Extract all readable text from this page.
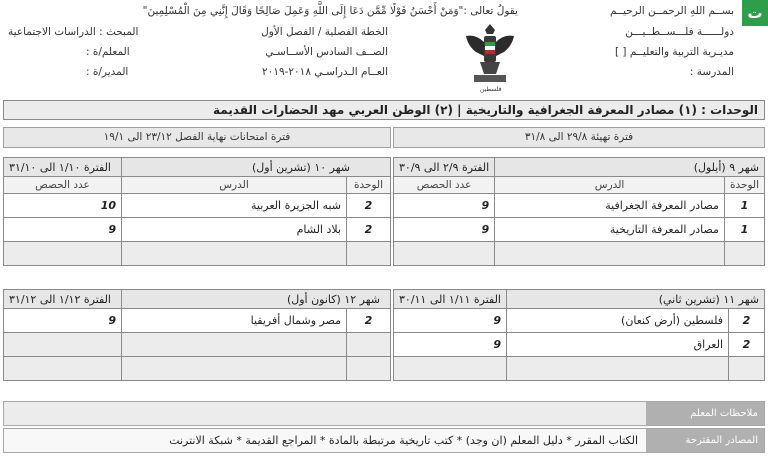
ت
بســم اللهِ الرحمــن الرحيــم
يقولُ تعالى :"وَمَنْ أَحْسَنُ قَوْلًا مِّمَّن دَعَا إِلَى اللَّهِ وَعَمِلَ صَالِحًا وَقَالَ إِنَّنِي مِنَ الْمُسْلِمِينَ"
دولــــــة فلـــســطــيـــن
مديـرية التربية والتعليــم [ ]
المدرسة :
الخطة الفصلية / الفصل الأول
الصــف السادس الأســاسـي
العــام الـدراسـي ٢٠١٨-٢٠١٩
المبحث : الدراسات الاجتماعية
المعلم/ة :
المدير/ة :
فلسطين
الوحدات : (١) مصادر المعرفة الجغرافية والتاريخية | (٢) الوطن العربي مهد الحضارات القديمة
فترة تهيئة ٢٩/٨ الى ٣١/٨
فترة امتحانات نهاية الفصل ٢٣/١٢ الى ١٩/١
شهر ٩ (أيلول)		الفترة ٢/٩ الى ٣٠/٩
الوحدة	الدرس	عدد الحصص
1	مصادر المعرفة الجغرافية	9
1	مصادر المعرفة التاريخية	9

شهر ١٠ (تشرين أول)		الفترة ١/١٠ الى ٣١/١٠
الوحدة	الدرس	عدد الحصص
2	شبه الجزيرة العربية	10
2	بلاد الشام	9

شهر ١١ (تشرين ثاني)		الفترة ١/١١ الى ٣٠/١١
2	فلسطين (أرض كنعان)	9
2	العراق	9

شهر ١٢ (كانون أول)		الفترة ١/١٢ الى ٣١/١٢
2	مصر وشمال أفريقيا	9

ملاحظات المعلم
المصادر المقترحة
الكتاب المقرر * دليل المعلم (ان وجد) * كتب تاريخية مرتبطة بالمادة * المراجع القديمة * شبكة الانترنت
